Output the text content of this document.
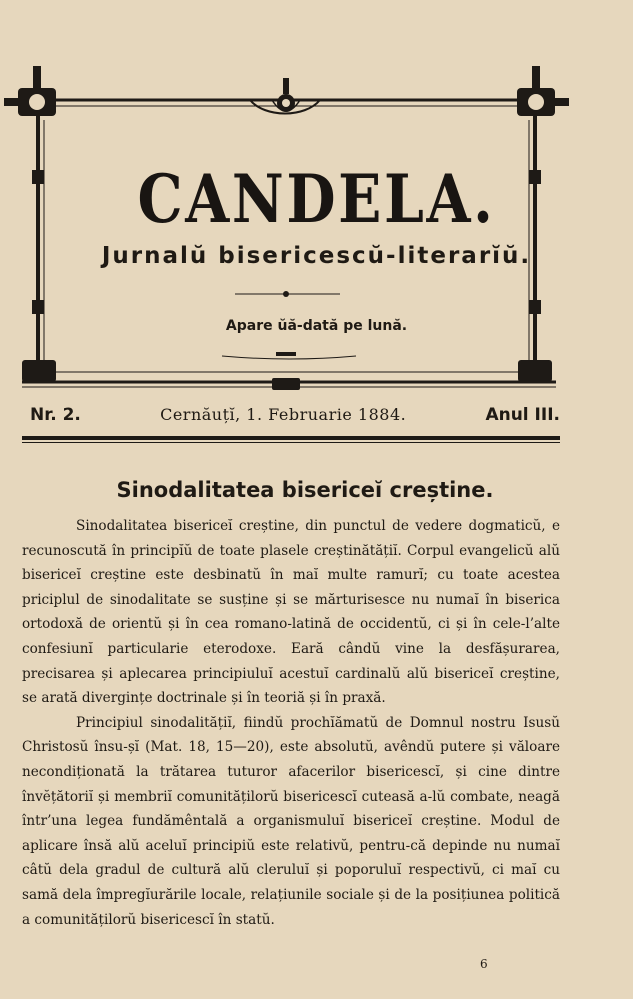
CANDELA.
Jurnalŭ bisericescŭ-literarĭŭ.
Apare ŭă-dată pe lună.
Nr. 2.	Cernăuțĭ, 1. Februarie 1884.	Anul III.
Sinodalitatea bisericeĭ creștine.

Sinodalitatea bisericeĭ creștine, din punctul de vedere dogmaticŭ, e recunoscută în principĭŭ de toate plasele creștinătățiĭ. Corpul evangelicŭ alŭ bisericeĭ creștine este desbinatŭ în maĭ multe ramurĭ; cu toate acestea priciplul de sinodalitate se susține și se mărturisesce nu numaĭ în biserica ortodoxă de orientŭ și în cea romano-latină de occidentŭ, ci și în cele-l’alte confesiunĭ particularie eterodoxe. Eară cândŭ vine la desfășurarea, precisarea și aplecarea principiuluĭ acestuĭ cardinalŭ alŭ bisericeĭ creștine, se arată divergințe doctrinale și în teoriă și în praxă.

Principiul sinodalitățiĭ, fiindŭ prochĭămatŭ de Domnul nostru Isusŭ Christosŭ însu-șĭ (Mat. 18, 15—20), este absolutŭ, avêndŭ putere și văloare necondiționată la trătarea tuturor afacerilor bisericescĭ, și cine dintre învĕțătoriĭ și membriĭ comunitățilorŭ bisericescĭ cuteasă a-lŭ combate, neagă într’una legea fundămêntală a organismuluĭ bisericeĭ creștine. Modul de aplicare însă alŭ aceluĭ principiŭ este relativŭ, pentru-că depinde nu numaĭ câtŭ dela gradul de cultură alŭ cleruluĭ și poporuluĭ respectivŭ, ci maĭ cu samă dela împregĭurările locale, relațiunile sociale și de la posițiunea politică a comunitățilorŭ bisericescĭ în statŭ.

6
